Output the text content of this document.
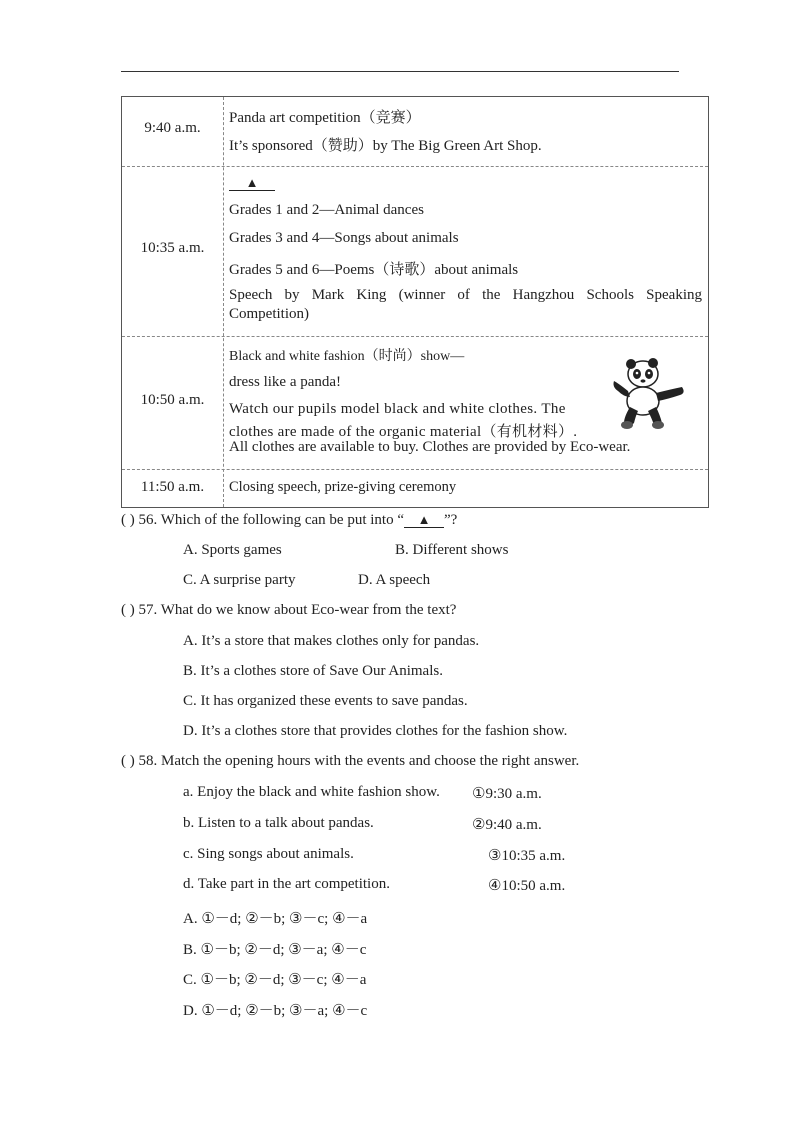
9:40 a.m.
Panda art competition（竞赛）
It’s sponsored（赞助）by The Big Green Art Shop.
10:35 a.m.
▲
Grades 1 and 2—Animal dances
Grades 3 and 4—Songs about animals
Grades 5 and 6—Poems（诗歌）about animals
Speech by Mark King (winner of the Hangzhou Schools Speaking
Competition)
10:50 a.m.
Black and white fashion（时尚）show—
dress like a panda!
Watch our pupils model black and white clothes. The
clothes are made of the organic material（有机材料）.
All clothes are available to buy. Clothes are provided by Eco-wear.
11:50 a.m.	Closing speech, prize-giving ceremony
( ) 56. Which of the following can be put into “ ▲ ”?
A. Sports games	B. Different shows
C. A surprise party	D. A speech
( ) 57. What do we know about Eco-wear from the text?
A. It’s a store that makes clothes only for pandas.
B. It’s a clothes store of Save Our Animals.
C. It has organized these events to save pandas.
D. It’s a clothes store that provides clothes for the fashion show.
( ) 58. Match the opening hours with the events and choose the right answer.
a. Enjoy the black and white fashion show. ①9:30 a.m.
b. Listen to a talk about pandas.	②9:40 a.m.
c. Sing songs about animals.	③10:35 a.m.
d. Take part in the art competition.	④10:50 a.m.
A. ①－d; ②－b; ③－c; ④－a
B. ①－b; ②－d; ③－a; ④－c
C. ①－b; ②－d; ③－c; ④－a
D. ①－d; ②－b; ③－a; ④－c
